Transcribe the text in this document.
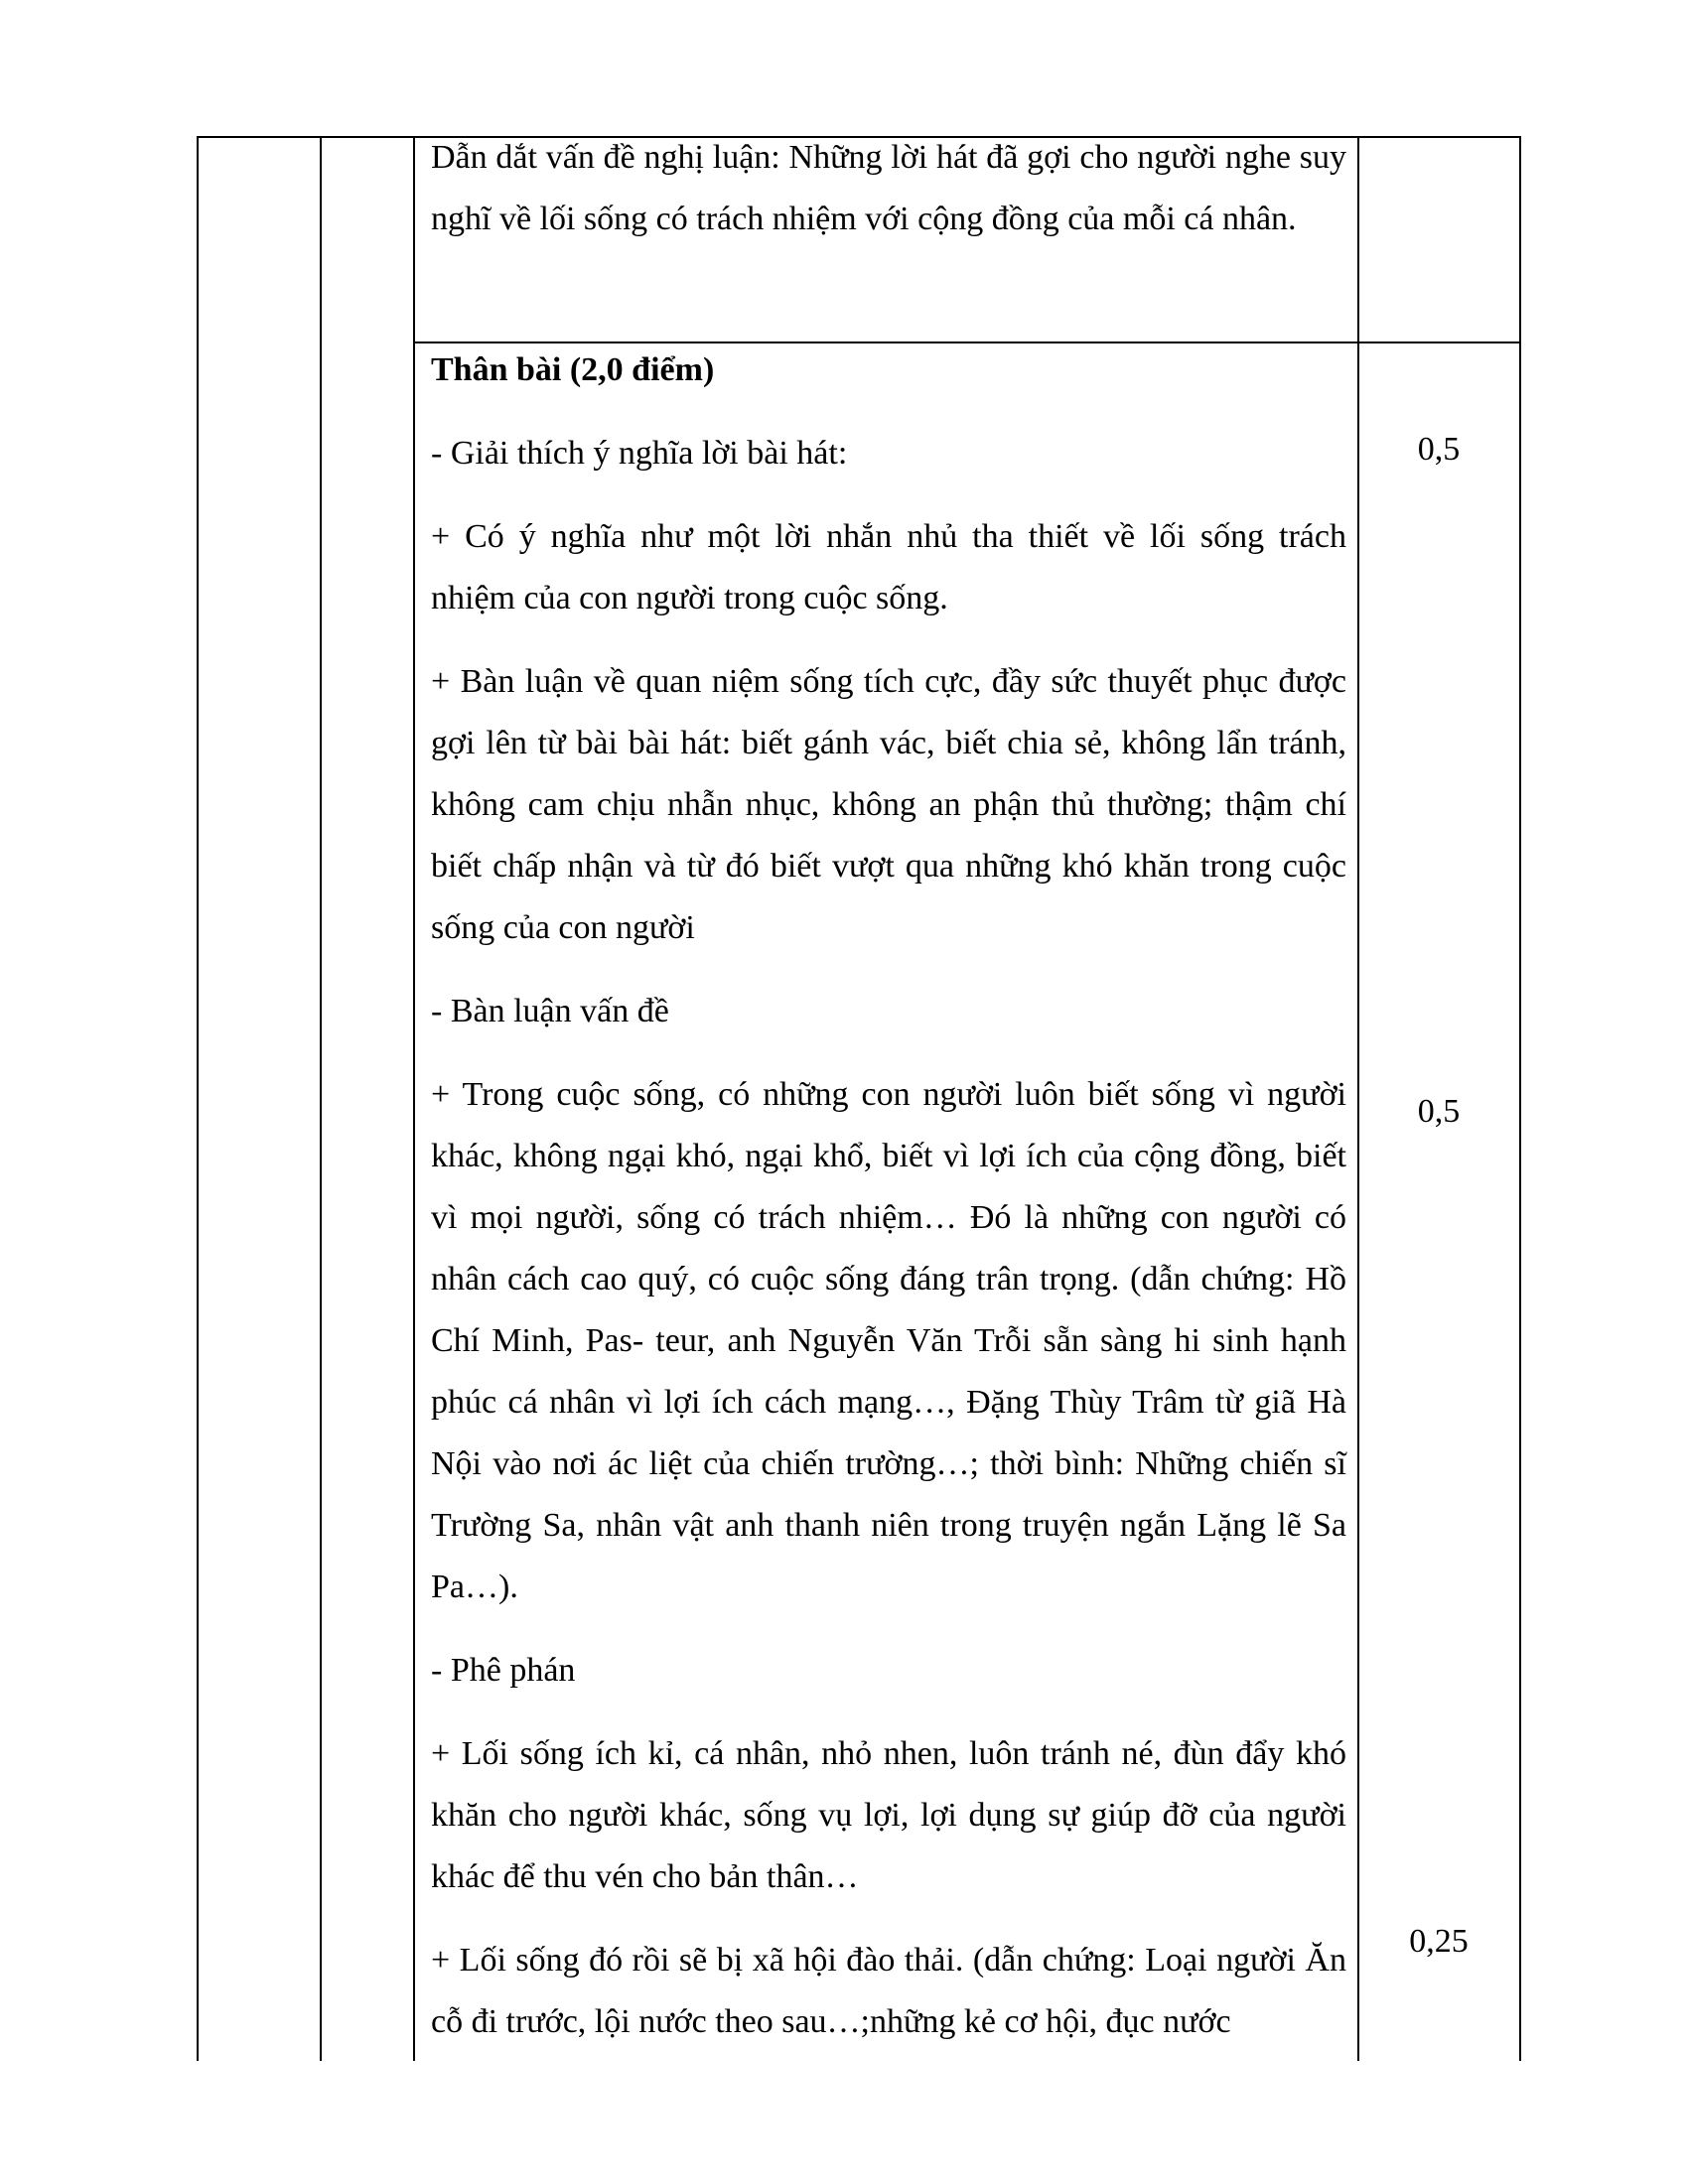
Dẫn dắt vấn đề nghị luận: Những lời hát đã gợi cho người nghe suy nghĩ về lối sống có trách nhiệm với cộng đồng của mỗi cá nhân.

Thân bài (2,0 điểm)

- Giải thích ý nghĩa lời bài hát:

+ Có ý nghĩa như một lời nhắn nhủ tha thiết về lối sống trách nhiệm của con người trong cuộc sống.

+ Bàn luận về quan niệm sống tích cực, đầy sức thuyết phục được gợi lên từ bài bài hát: biết gánh vác, biết chia sẻ, không lẩn tránh, không cam chịu nhẫn nhục, không an phận thủ thường; thậm chí biết chấp nhận và từ đó biết vượt qua những khó khăn trong cuộc sống của con người

- Bàn luận vấn đề

+ Trong cuộc sống, có những con người luôn biết sống vì người khác, không ngại khó, ngại khổ, biết vì lợi ích của cộng đồng, biết vì mọi người, sống có trách nhiệm… Đó là những con người có nhân cách cao quý, có cuộc sống đáng trân trọng. (dẫn chứng: Hồ Chí Minh, Pas- teur, anh Nguyễn Văn Trỗi sẵn sàng hi sinh hạnh phúc cá nhân vì lợi ích cách mạng…, Đặng Thùy Trâm từ giã Hà Nội vào nơi ác liệt của chiến trường…; thời bình: Những chiến sĩ Trường Sa, nhân vật anh thanh niên trong truyện ngắn Lặng lẽ Sa Pa…).

- Phê phán

+ Lối sống ích kỉ, cá nhân, nhỏ nhen, luôn tránh né, đùn đẩy khó khăn cho người khác, sống vụ lợi, lợi dụng sự giúp đỡ của người khác để thu vén cho bản thân…

+ Lối sống đó rồi sẽ bị xã hội đào thải. (dẫn chứng: Loại người Ăn cỗ đi trước, lội nước theo sau…;những kẻ cơ hội, đục nước

0,5
0,5
0,25
